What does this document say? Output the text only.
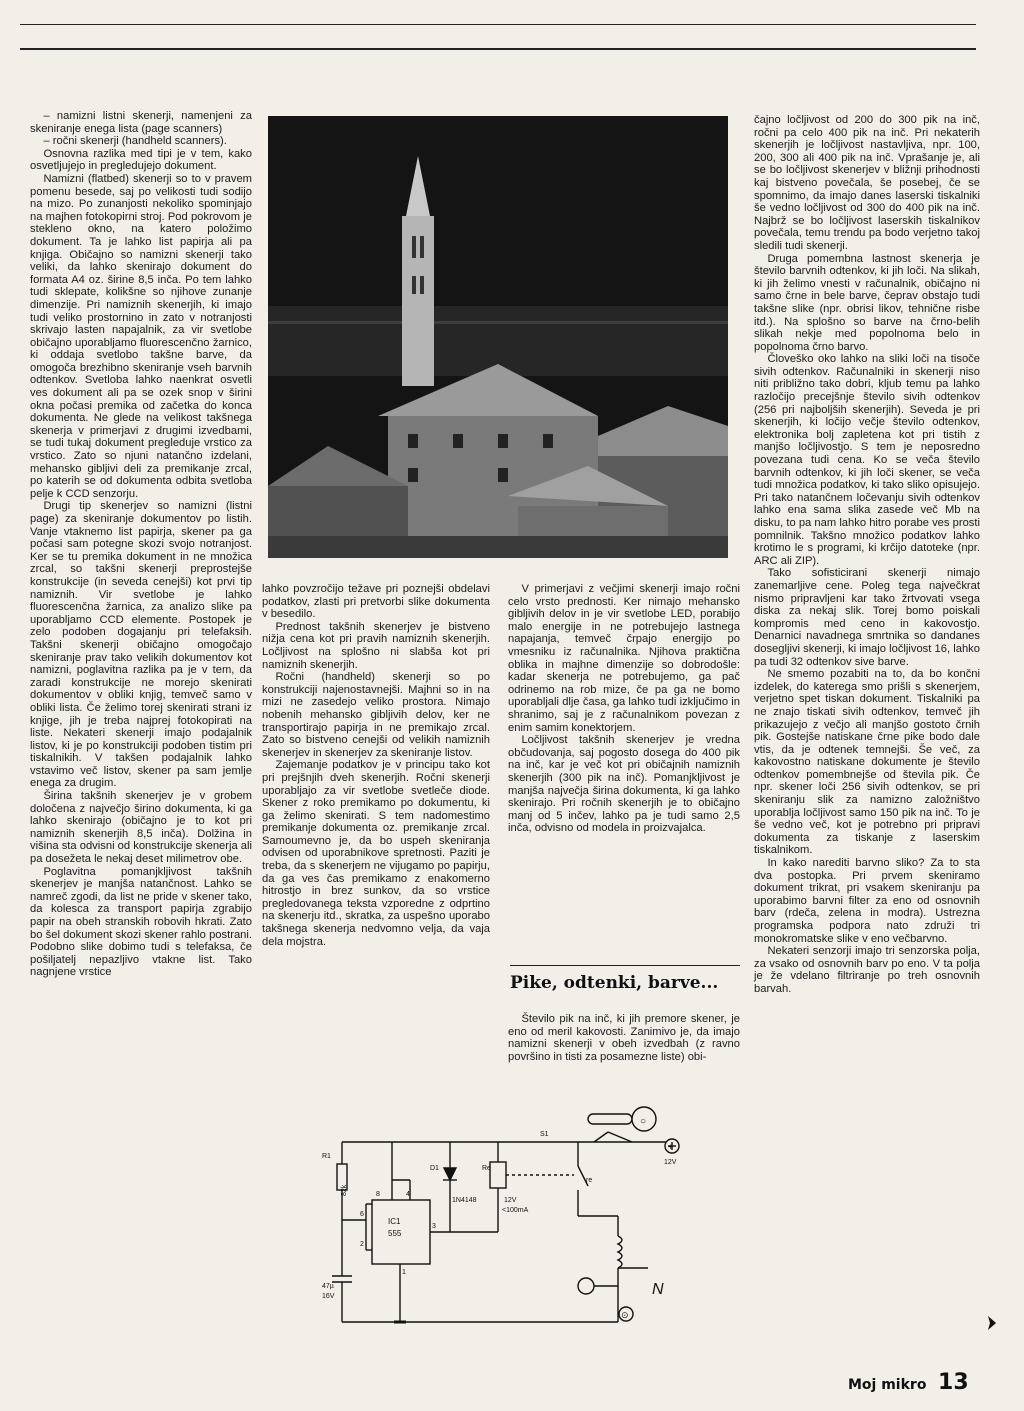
– namizni listni skenerji, namenjeni za skeniranje enega lista (page scanners)

– ročni skenerji (handheld scanners).

Osnovna razlika med tipi je v tem, kako osvetljujejo in pregledujejo dokument.

Namizni (flatbed) skenerji so to v pravem pomenu besede, saj po velikosti tudi sodijo na mizo. Po zunanjosti nekoliko spominjajo na majhen fotokopirni stroj. Pod pokrovom je stekleno okno, na katero položimo dokument. Ta je lahko list papirja ali pa knjiga. Običajno so namizni skenerji tako veliki, da lahko skenirajo dokument do formata A4 oz. širine 8,5 inča. Po tem lahko tudi sklepate, kolikšne so njihove zunanje dimenzije. Pri namiznih skenerjih, ki imajo tudi veliko prostornino in zato v notranjosti skrivajo lasten napajalnik, za vir svetlobe običajno uporabljamo fluorescenčno žarnico, ki oddaja svetlobo takšne barve, da omogoča brezhibno skeniranje vseh barvnih odtenkov. Svetloba lahko naenkrat osvetli ves dokument ali pa se ozek snop v širini okna počasi premika od začetka do konca dokumenta. Ne glede na velikost takšnega skenerja v primerjavi z drugimi izvedbami, se tudi tukaj dokument pregleduje vrstico za vrstico. Zato so njuni natančno izdelani, mehansko gibljivi deli za premikanje zrcal, po katerih se od dokumenta odbita svetloba pelje k CCD senzorju.

Drugi tip skenerjev so namizni (listni page) za skeniranje dokumentov po listih. Vanje vtaknemo list papirja, skener pa ga počasi sam potegne skozi svojo notranjost. Ker se tu premika dokument in ne množica zrcal, so takšni skenerji preprostejše konstrukcije (in seveda cenejši) kot prvi tip namiznih. Vir svetlobe je lahko fluorescenčna žarnica, za analizo slike pa uporabljamo CCD elemente. Postopek je zelo podoben dogajanju pri telefaksih. Takšni skenerji običajno omogočajo skeniranje prav tako velikih dokumentov kot namizni, poglavitna razlika pa je v tem, da zaradi konstrukcije ne morejo skenirati dokumentov v obliki knjig, temveč samo v obliki lista. Če želimo torej skenirati strani iz knjige, jih je treba najprej fotokopirati na liste. Nekateri skenerji imajo podajalnik listov, ki je po konstrukciji podoben tistim pri tiskalnikih. V takšen podajalnik lahko vstavimo več listov, skener pa sam jemlje enega za drugim.

Širina takšnih skenerjev je v grobem določena z največjo širino dokumenta, ki ga lahko skenirajo (običajno je to kot pri namiznih skenerjih 8,5 inča). Dolžina in višina sta odvisni od konstrukcije skenerja ali pa dosežeta le nekaj deset milimetrov obe.

Poglavitna pomanjkljivost takšnih skenerjev je manjša natančnost. Lahko se namreč zgodi, da list ne pride v skener tako, da kolesca za transport papirja zgrabijo papir na obeh stranskih robovih hkrati. Zato bo šel dokument skozi skener rahlo postrani. Podobno slike dobimo tudi s telefaksa, če pošiljatelj nepazljivo vtakne list. Tako nagnjene vrstice

lahko povzročijo težave pri poznejši obdelavi podatkov, zlasti pri pretvorbi slike dokumenta v besedilo.

Prednost takšnih skenerjev je bistveno nižja cena kot pri pravih namiznih skenerjih. Ločljivost na splošno ni slabša kot pri namiznih skenerjih.

Ročni (handheld) skenerji so po konstrukciji najenostavnejši. Majhni so in na mizi ne zasedejo veliko prostora. Nimajo nobenih mehansko gibljivih delov, ker ne transportirajo papirja in ne premikajo zrcal. Zato so bistveno cenejši od velikih namiznih skenerjev in skenerjev za skeniranje listov.

Zajemanje podatkov je v principu tako kot pri prejšnjih dveh skenerjih. Ročni skenerji uporabljajo za vir svetlobe svetleče diode. Skener z roko premikamo po dokumentu, ki ga želimo skenirati. S tem nadomestimo premikanje dokumenta oz. premikanje zrcal. Samoumevno je, da bo uspeh skeniranja odvisen od uporabnikove spretnosti. Paziti je treba, da s skenerjem ne vijugamo po papirju, da ga ves čas premikamo z enakomerno hitrostjo in brez sunkov, da so vrstice pregledovanega teksta vzporedne z odprtino na skenerju itd., skratka, za uspešno uporabo takšnega skenerja nedvomno velja, da vaja dela mojstra.

V primerjavi z večjimi skenerji imajo ročni celo vrsto prednosti. Ker nimajo mehansko gibljivih delov in je vir svetlobe LED, porabijo malo energije in ne potrebujejo lastnega napajanja, temveč črpajo energijo po vmesniku iz računalnika. Njihova praktična oblika in majhne dimenzije so dobrodošle: kadar skenerja ne potrebujemo, ga pač odrinemo na rob mize, če pa ga ne bomo uporabljali dlje časa, ga lahko tudi izključimo in shranimo, saj je z računalnikom povezan z enim samim konektorjem.

Ločljivost takšnih skenerjev je vredna občudovanja, saj pogosto dosega do 400 pik na inč, kar je več kot pri običajnih namiznih skenerjih (300 pik na inč). Pomanjkljivost je manjša največja širina dokumenta, ki ga lahko skenirajo. Pri ročnih skenerjih je to običajno manj od 5 inčev, lahko pa je tudi samo 2,5 inča, odvisno od modela in proizvajalca.

Pike, odtenki, barve...

Število pik na inč, ki jih premore skener, je eno od meril kakovosti. Zanimivo je, da imajo namizni skenerji v obeh izvedbah (z ravno površino in tisti za posamezne liste) obi-

čajno ločljivost od 200 do 300 pik na inč, ročni pa celo 400 pik na inč. Pri nekaterih skenerjih je ločljivost nastavljiva, npr. 100, 200, 300 ali 400 pik na inč. Vprašanje je, ali se bo ločljivost skenerjev v bližnji prihodnosti kaj bistveno povečala, še posebej, če se spomnimo, da imajo danes laserski tiskalniki še vedno ločljivost od 300 do 400 pik na inč. Najbrž se bo ločljivost laserskih tiskalnikov povečala, temu trendu pa bodo verjetno takoj sledili tudi skenerji.

Druga pomembna lastnost skenerja je število barvnih odtenkov, ki jih loči. Na slikah, ki jih želimo vnesti v računalnik, običajno ni samo črne in bele barve, čeprav obstajo tudi takšne slike (npr. obrisi likov, tehnične risbe itd.). Na splošno so barve na črno-belih slikah nekje med popolnoma belo in popolnoma črno barvo.

Človeško oko lahko na sliki loči na tisoče sivih odtenkov. Računalniki in skenerji niso niti približno tako dobri, kljub temu pa lahko razločijo precejšnje število sivih odtenkov (256 pri najboljših skenerjih). Seveda je pri skenerjih, ki ločijo večje število odtenkov, elektronika bolj zapletena kot pri tistih z manjšo ločljivostjo. S tem je neposredno povezana tudi cena. Ko se veča število barvnih odtenkov, ki jih loči skener, se veča tudi množica podatkov, ki tako sliko opisujejo. Pri tako natančnem ločevanju sivih odtenkov lahko ena sama slika zasede več Mb na disku, to pa nam lahko hitro porabe ves prosti pomnilnik. Takšno množico podatkov lahko krotimo le s programi, ki krčijo datoteke (npr. ARC ali ZIP).

Tako sofisticirani skenerji nimajo zanemarljive cene. Poleg tega največkrat nismo pripravljeni kar tako žrtvovati vsega diska za nekaj slik. Torej bomo poiskali kompromis med ceno in kakovostjo. Denarnici navadnega smrtnika so dandanes dosegljivi skenerji, ki imajo ločljivost 16, lahko pa tudi 32 odtenkov sive barve.

Ne smemo pozabiti na to, da bo končni izdelek, do katerega smo prišli s skenerjem, verjetno spet tiskan dokument. Tiskalniki pa ne znajo tiskati sivih odtenkov, temveč jih prikazujejo z večjo ali manjšo gostoto črnih pik. Gostejše natiskane črne pike bodo dale vtis, da je odtenek temnejši. Še več, za kakovostno natiskane dokumente je število odtenkov pomembnejše od števila pik. Če npr. skener loči 256 sivih odtenkov, se pri skeniranju slik za namizno založništvo uporablja ločljivost samo 150 pik na inč. To je še vedno več, kot je potrebno pri pripravi dokumenta za tiskanje z laserskim tiskalnikom.

In kako narediti barvno sliko? Za to sta dva postopka. Pri prvem skeniramo dokument trikrat, pri vsakem skeniranju pa uporabimo barvni filter za eno od osnovnih barv (rdeča, zelena in modra). Ustrezna programska podpora nato združi tri monokromatske slike v eno večbarvno.

Nekateri senzorji imajo tri senzorska polja, za vsako od osnovnih barv po eno. V ta polja je že vdelano filtriranje po treh osnovnih barvah.

R1
82k
D1
1N4148
Re
12V
<100mA
IC1
555
47µ
16V
S1
12V
re
8	4
6
2
3
1
+
○
N
⊙
Moj mikro 13
